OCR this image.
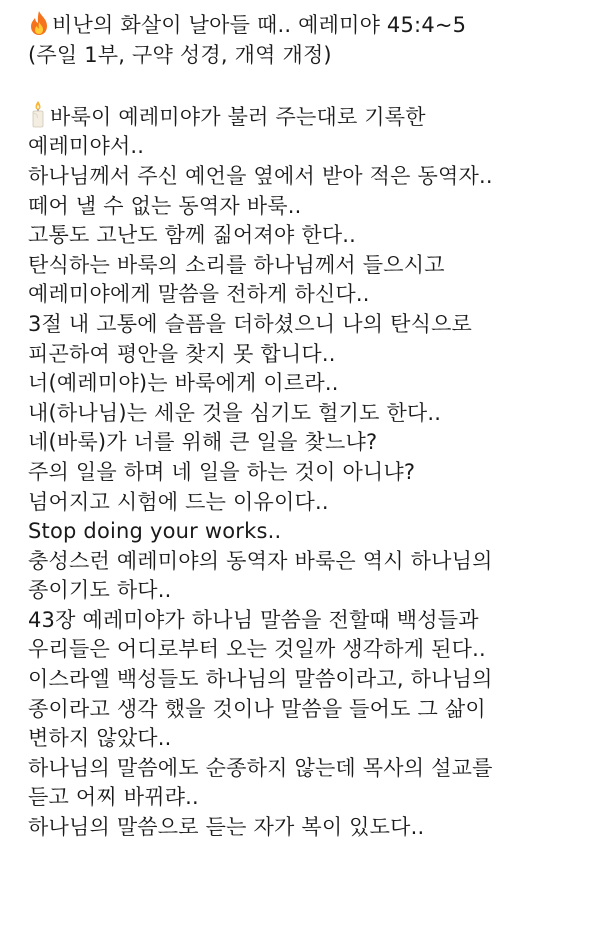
비난의 화살이 날아들 때.. 예레미야 45:4~5
(주일 1부, 구약 성경, 개역 개정)
바룩이 예레미야가 불러 주는대로 기록한
예레미야서..
하나님께서 주신 예언을 옆에서 받아 적은 동역자..
떼어 낼 수 없는 동역자 바룩..
고통도 고난도 함께 짊어져야 한다..
탄식하는 바룩의 소리를 하나님께서 들으시고
예레미야에게 말씀을 전하게 하신다..
3절 내 고통에 슬픔을 더하셨으니 나의 탄식으로
피곤하여 평안을 찾지 못 합니다..
너(예레미야)는 바룩에게 이르라..
내(하나님)는 세운 것을 심기도 헐기도 한다..
네(바룩)가 너를 위해 큰 일을 찾느냐?
주의 일을 하며 네 일을 하는 것이 아니냐?
넘어지고 시험에 드는 이유이다..
Stop doing your works..
충성스런 예레미야의 동역자 바룩은 역시 하나님의
종이기도 하다..
43장 예레미야가 하나님 말씀을 전할때 백성들과
우리들은 어디로부터 오는 것일까 생각하게 된다..
이스라엘 백성들도 하나님의 말씀이라고, 하나님의
종이라고 생각 했을 것이나 말씀을 들어도 그 삶이
변하지 않았다..
하나님의 말씀에도 순종하지 않는데 목사의 설교를
듣고 어찌 바뀌랴..
하나님의 말씀으로 듣는 자가 복이 있도다..
